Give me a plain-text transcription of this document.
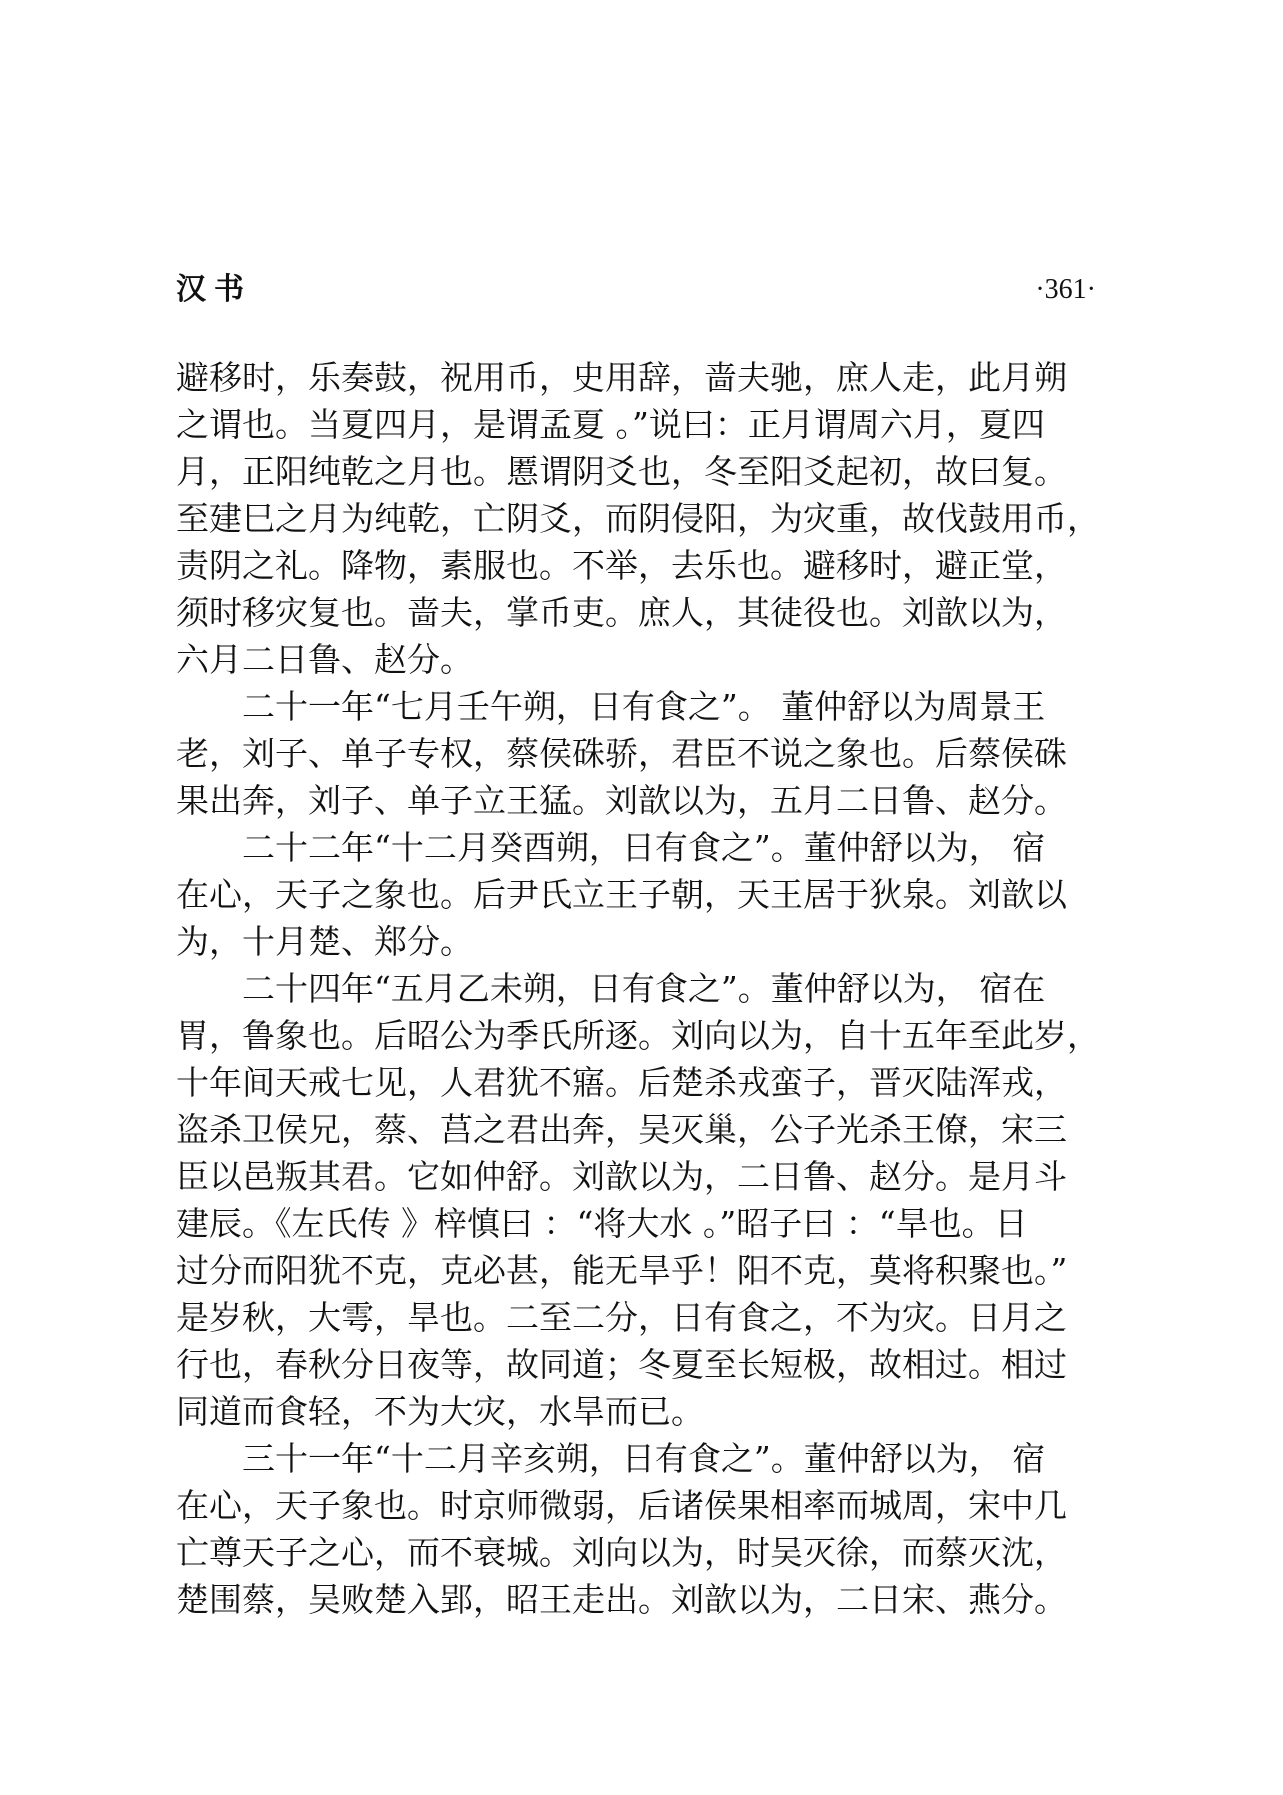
汉书	·361·

避移时，乐奏鼓，祝用币，史用辞，啬夫驰，庶人走，此月朔

之谓也。当夏四月，是谓孟夏 。”说曰：正月谓周六月，夏四

月，正阳纯乾之月也。慝谓阴爻也，冬至阳爻起初，故曰复。

至建巳之月为纯乾，亡阴爻，而阴侵阳，为灾重，故伐鼓用币，

责阴之礼。降物，素服也。不举，去乐也。避移时，避正堂，

须时移灾复也。啬夫，掌币吏。庶人，其徒役也。刘歆以为，

六月二日鲁、赵分。

二十一年“七月壬午朔，日有食之”。 董仲舒以为周景王

老，刘子、单子专权，蔡侯硃骄，君臣不说之象也。后蔡侯硃

果出奔，刘子、单子立王猛。刘歆以为，五月二日鲁、赵分。

二十二年“十二月癸酉朔，日有食之”。董仲舒以为， 宿

在心，天子之象也。后尹氏立王子朝，天王居于狄泉。刘歆以

为，十月楚、郑分。

二十四年“五月乙未朔，日有食之”。董仲舒以为， 宿在

胃，鲁象也。后昭公为季氏所逐。刘向以为，自十五年至此岁，

十年间天戒七见，人君犹不寤。后楚杀戎蛮子，晋灭陆浑戎，

盗杀卫侯兄，蔡、莒之君出奔，吴灭巢，公子光杀王僚，宋三

臣以邑叛其君。它如仲舒。刘歆以为，二日鲁、赵分。是月斗

建辰。《左氏传 》梓慎曰 ：“将大水 。”昭子曰 ：“旱也。日

过分而阳犹不克，克必甚，能无旱乎！阳不克，莫将积聚也。”

是岁秋，大雩，旱也。二至二分，日有食之，不为灾。日月之

行也，春秋分日夜等，故同道；冬夏至长短极，故相过。相过

同道而食轻，不为大灾，水旱而已。

三十一年“十二月辛亥朔，日有食之”。董仲舒以为， 宿

在心，天子象也。时京师微弱，后诸侯果相率而城周，宋中几

亡尊天子之心，而不衰城。刘向以为，时吴灭徐，而蔡灭沈，

楚围蔡，吴败楚入郢，昭王走出。刘歆以为，二日宋、燕分。
